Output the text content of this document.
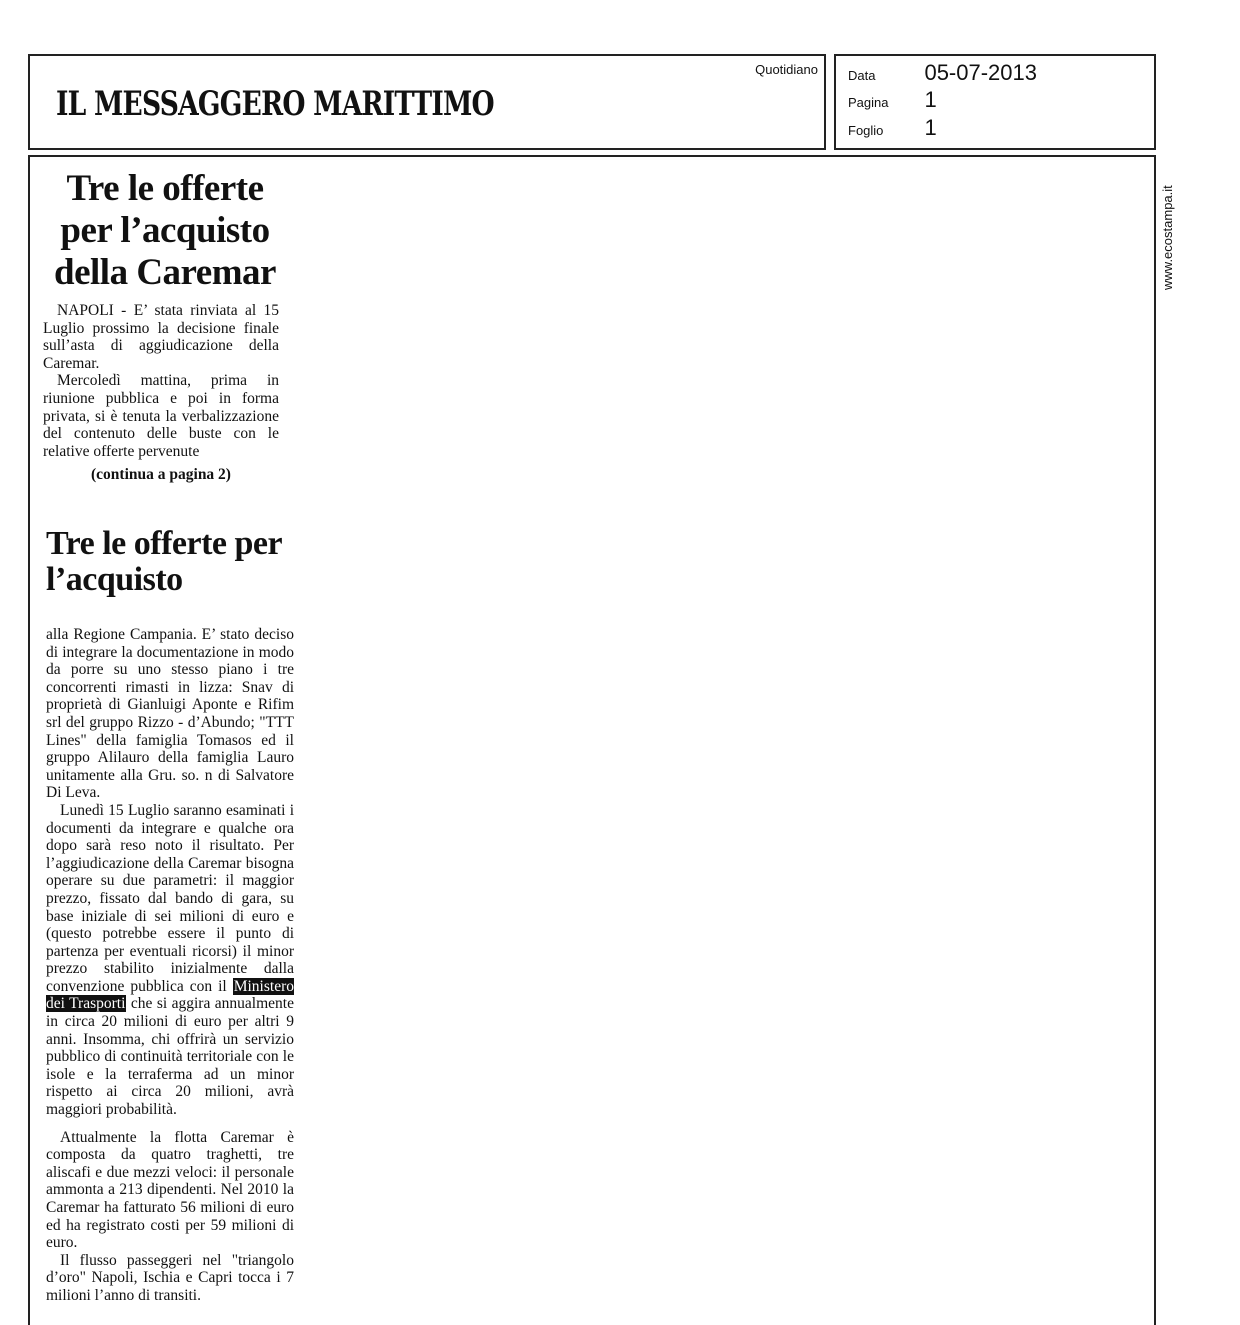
IL MESSAGGERO MARITTIMO
Quotidiano Data 05-07-2013
Pagina 1
Foglio 1
www.ecostampa.it
Tre le offerte per l’acquisto della Caremar

NAPOLI - E’ stata rinviata al 15 Luglio prossimo la decisione finale sull’asta di aggiudicazione della Caremar.

Mercoledì mattina, prima in riunione pubblica e poi in forma privata, si è tenuta la verbalizzazione del contenuto delle buste con le relative offerte pervenute

(continua a pagina 2)
Tre le offerte per l’acquisto

alla Regione Campania. E’ stato deciso di integrare la documentazione in modo da porre su uno stesso piano i tre concorrenti rimasti in lizza: Snav di proprietà di Gianluigi Aponte e Rifim srl del gruppo Rizzo - d’Abundo; "TTT Lines" della famiglia Tomasos ed il gruppo Alilauro della famiglia Lauro unitamente alla Gru. so. n di Salvatore Di Leva.

Lunedì 15 Luglio saranno esaminati i documenti da integrare e qualche ora dopo sarà reso noto il risultato. Per l’aggiudicazione della Caremar bisogna operare su due parametri: il maggior prezzo, fissato dal bando di gara, su base iniziale di sei milioni di euro e (questo potrebbe essere il punto di partenza per eventuali ricorsi) il minor prezzo stabilito inizialmente dalla convenzione pubblica con il Ministero dei Trasporti che si aggira annualmente in circa 20 milioni di euro per altri 9 anni. Insomma, chi offrirà un servizio pubblico di continuità territoriale con le isole e la terraferma ad un minor rispetto ai circa 20 milioni, avrà maggiori probabilità.

Attualmente la flotta Caremar è composta da quatro traghetti, tre aliscafi e due mezzi veloci: il personale ammonta a 213 dipendenti. Nel 2010 la Caremar ha fatturato 56 milioni di euro ed ha registrato costi per 59 milioni di euro.

Il flusso passeggeri nel "triangolo d’oro" Napoli, Ischia e Capri tocca i 7 milioni l’anno di transiti.
